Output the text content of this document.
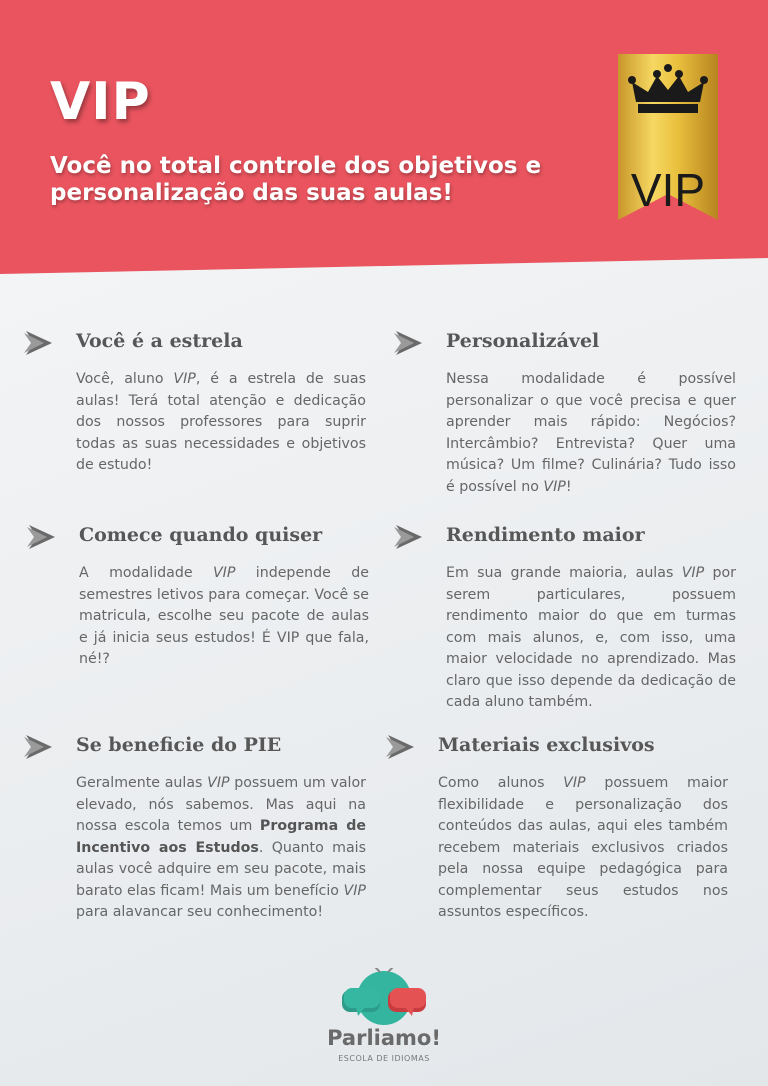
VIP

Você no total controle dos objetivos e personalização das suas aulas!	VIP
Você é a estrela

Você, aluno VIP, é a estrela de suas aulas! Terá total atenção e dedicação dos nossos professores para suprir todas as suas necessidades e objetivos de estudo!

Personalizável

Nessa modalidade é possível personalizar o que você precisa e quer aprender mais rápido: Negócios? Intercâmbio? Entrevista? Quer uma música? Um filme? Culinária? Tudo isso é possível no VIP!

Comece quando quiser

A modalidade VIP independe de semestres letivos para começar. Você se matricula, escolhe seu pacote de aulas e já inicia seus estudos! É VIP que fala, né!?

Rendimento maior

Em sua grande maioria, aulas VIP por serem particulares, possuem rendimento maior do que em turmas com mais alunos, e, com isso, uma maior velocidade no aprendizado. Mas claro que isso depende da dedicação de cada aluno também.

Se beneficie do PIE

Geralmente aulas VIP possuem um valor elevado, nós sabemos. Mas aqui na nossa escola temos um Programa de Incentivo aos Estudos. Quanto mais aulas você adquire em seu pacote, mais barato elas ficam! Mais um benefício VIP para alavancar seu conhecimento!

Materiais exclusivos

Como alunos VIP possuem maior flexibilidade e personalização dos conteúdos das aulas, aqui eles também recebem materiais exclusivos criados pela nossa equipe pedagógica para complementar seus estudos nos assuntos específicos.

Parliamo!
ESCOLA DE IDIOMAS
